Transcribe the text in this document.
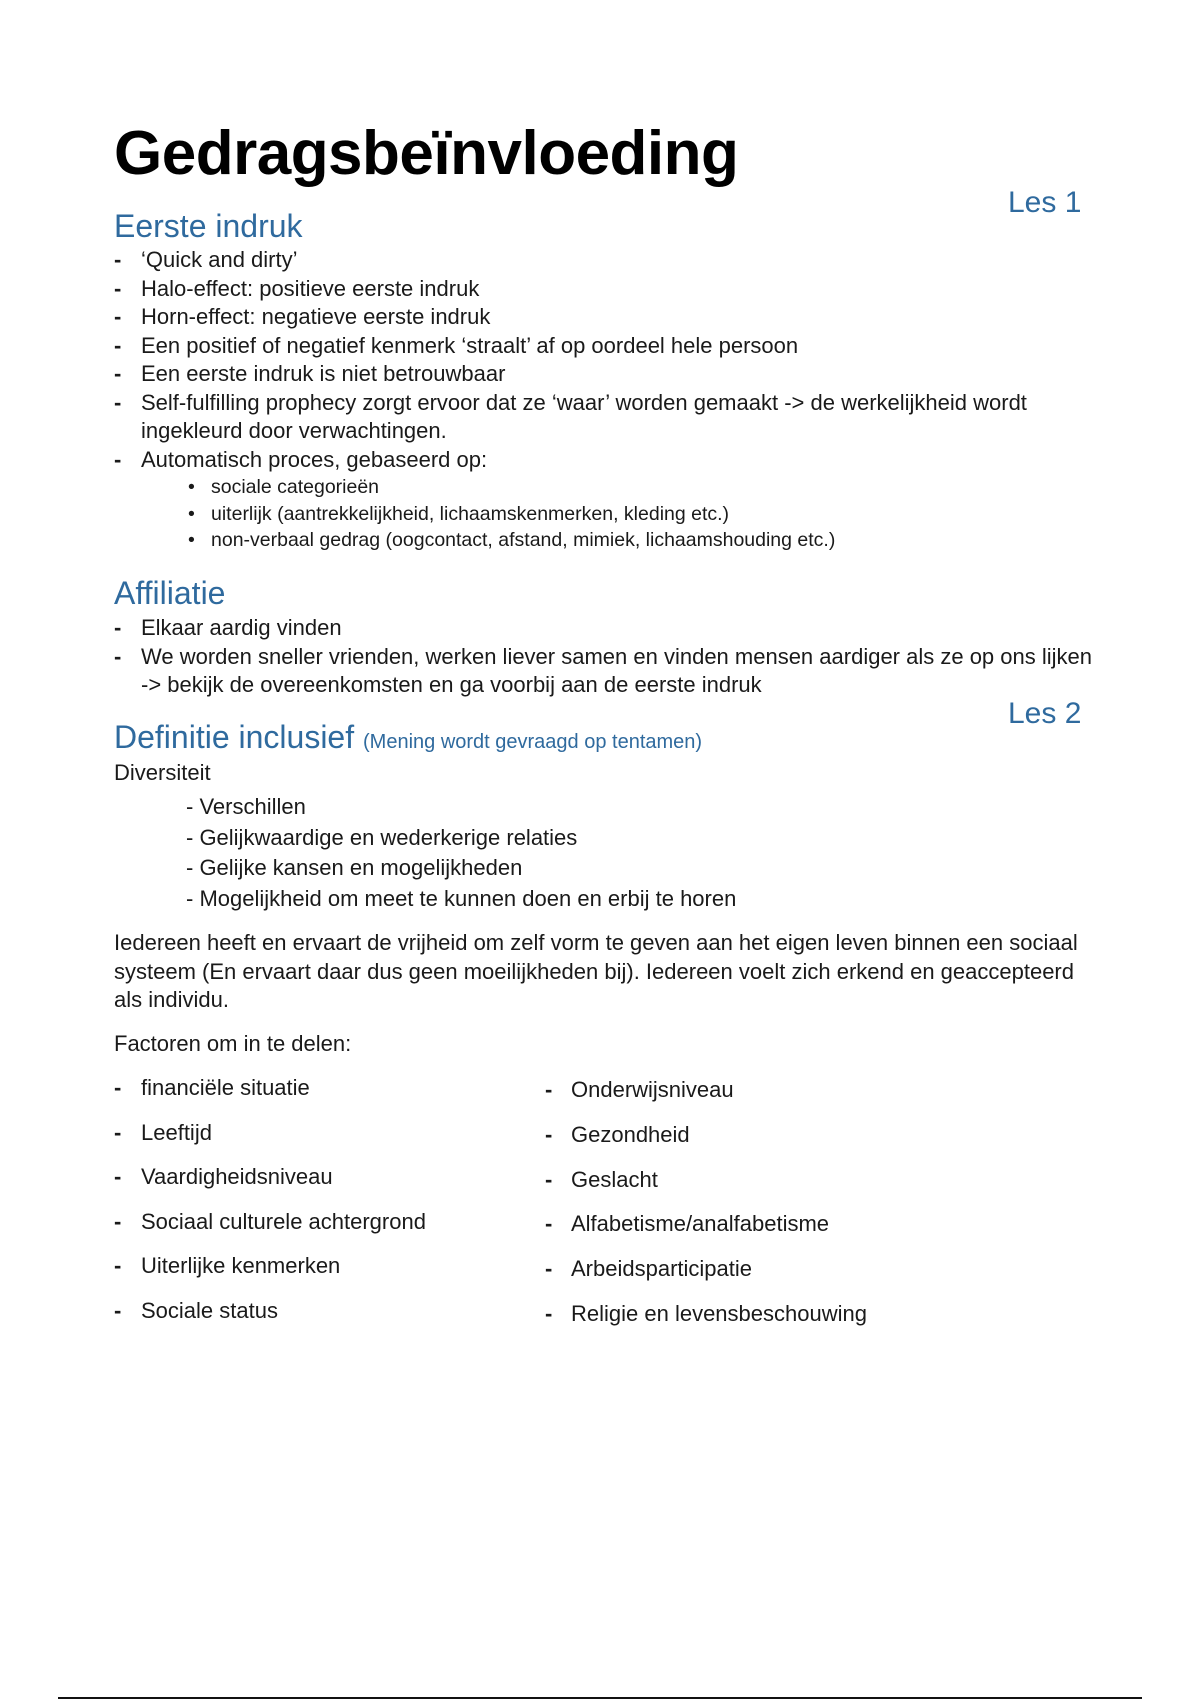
Gedragsbeïnvloeding
Les 1
Eerste indruk
- ‘Quick and dirty’
- Halo-effect: positieve eerste indruk
- Horn-effect: negatieve eerste indruk
- Een positief of negatief kenmerk ‘straalt’ af op oordeel hele persoon
- Een eerste indruk is niet betrouwbaar
- Self-fulfilling prophecy zorgt ervoor dat ze ‘waar’ worden gemaakt -> de werkelijkheid wordt ingekleurd door verwachtingen.
- Automatisch proces, gebaseerd op:
• sociale categorieën
• uiterlijk (aantrekkelijkheid, lichaamskenmerken, kleding etc.)
• non-verbaal gedrag (oogcontact, afstand, mimiek, lichaamshouding etc.)
Affiliatie
- Elkaar aardig vinden
- We worden sneller vrienden, werken liever samen en vinden mensen aardiger als ze op ons lijken -> bekijk de overeenkomsten en ga voorbij aan de eerste indruk
Les 2
Definitie inclusief (Mening wordt gevraagd op tentamen)
Diversiteit
- Verschillen
- Gelijkwaardige en wederkerige relaties
- Gelijke kansen en mogelijkheden
- Mogelijkheid om meet te kunnen doen en erbij te horen

Iedereen heeft en ervaart de vrijheid om zelf vorm te geven aan het eigen leven binnen een sociaal systeem (En ervaart daar dus geen moeilijkheden bij). Iedereen voelt zich erkend en geaccepteerd als individu.

Factoren om in te delen:
- financiële situatie
- Leeftijd
- Vaardigheidsniveau
- Sociaal culturele achtergrond
- Uiterlijke kenmerken
- Sociale status
- Onderwijsniveau
- Gezondheid
- Geslacht
- Alfabetisme/analfabetisme
- Arbeidsparticipatie
- Religie en levensbeschouwing
